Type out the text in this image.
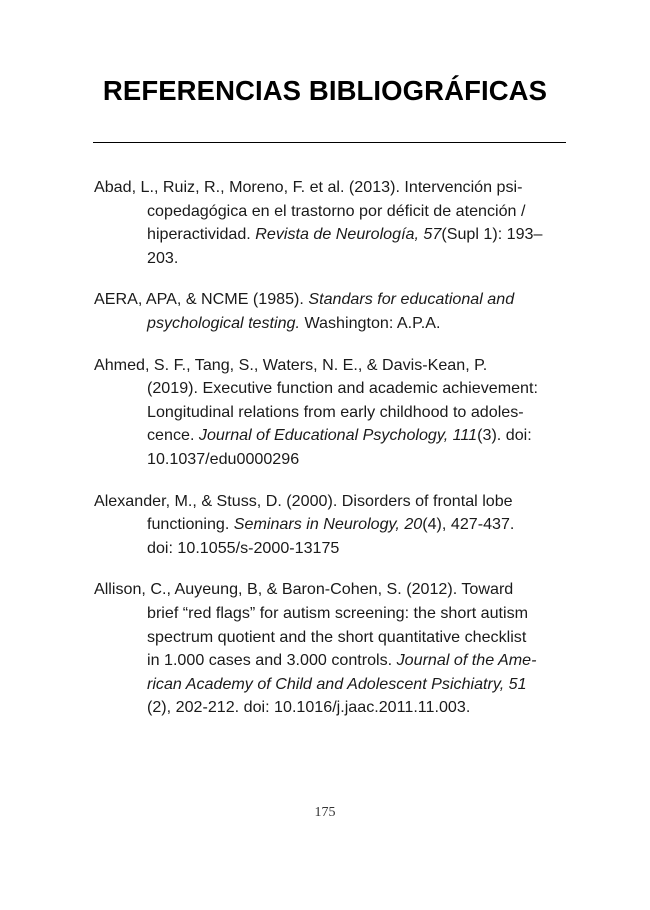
REFERENCIAS BIBLIOGRÁFICAS
Abad, L., Ruiz, R., Moreno, F. et al. (2013). Intervención psi-
copedagógica en el trastorno por déficit de atención /
hiperactividad. Revista de Neurología, 57(Supl 1): 193–
203.
AERA, APA, & NCME (1985). Standars for educational and
psychological testing. Washington: A.P.A.
Ahmed, S. F., Tang, S., Waters, N. E., & Davis-Kean, P.
(2019). Executive function and academic achievement:
Longitudinal relations from early childhood to adoles-
cence. Journal of Educational Psychology, 111(3). doi:
10.1037/edu0000296
Alexander, M., & Stuss, D. (2000). Disorders of frontal lobe
functioning. Seminars in Neurology, 20(4), 427-437.
doi: 10.1055/s-2000-13175
Allison, C., Auyeung, B, & Baron-Cohen, S. (2012). Toward
brief “red flags” for autism screening: the short autism
spectrum quotient and the short quantitative checklist
in 1.000 cases and 3.000 controls. Journal of the Ame-
rican Academy of Child and Adolescent Psichiatry, 51
(2), 202-212. doi: 10.1016/j.jaac.2011.11.003.
175
